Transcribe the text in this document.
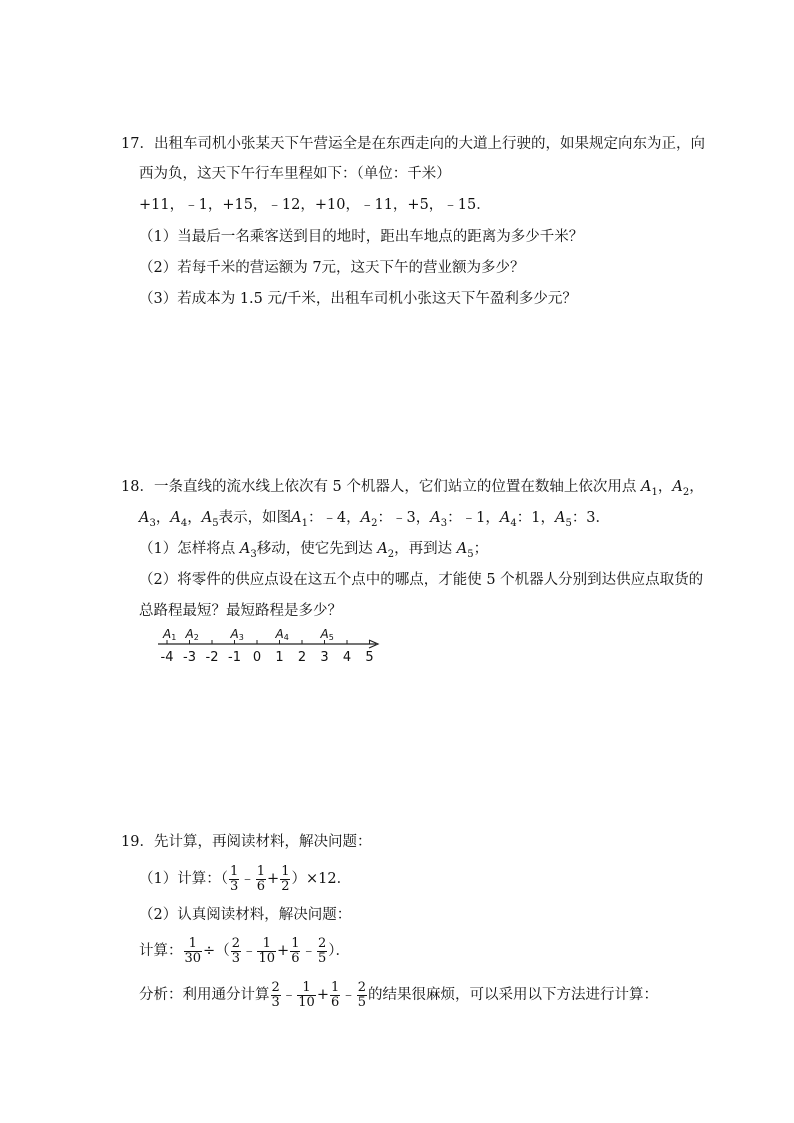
17．出租车司机小张某天下午营运全是在东西走向的大道上行驶的，如果规定向东为正，向
西为负，这天下午行车里程如下：（单位：千米）
+11，﹣1，+15，﹣12，+10，﹣11，+5，﹣15．
（1）当最后一名乘客送到目的地时，距出车地点的距离为多少千米？
（2）若每千米的营运额为 7元，这天下午的营业额为多少？
（3）若成本为 1.5 元/千米，出租车司机小张这天下午盈利多少元？
18．一条直线的流水线上依次有 5 个机器人，它们站立的位置在数轴上依次用点 $A_1$，$A_2$，
$A_3$，$A_4$，$A_5$表示，如图$A_1$：﹣4，$A_2$：﹣3，$A_3$：﹣1，$A_4$：1，$A_5$：3．
（1）怎样将点 $A_3$移动，使它先到达 $A_2$，再到达 $A_5$；
（2）将零件的供应点设在这五个点中的哪点，才能使 5 个机器人分别到达供应点取货的
总路程最短？最短路程是多少？
-4 -3 -2 -1 0 1 2 3 4 5
A1 A2	A3	A4	A5
19．先计算，再阅读材料，解决问题：
（1）计算：（ $\frac{1}{3}$ ﹣ $\frac{1}{6} + \frac{1}{2} )\times 12$．
（2）认真阅读材料，解决问题：
计算： $\frac{1}{30}$ ÷（ $\frac{2}{3}$ ﹣ $\frac{1}{10} + \frac{1}{6}$ ﹣ $\frac{2}{5}$ ）．
分析：利用通分计算 $\frac{2}{3}$ ﹣ $\frac{1}{10} + \frac{1}{6}$ ﹣ $\frac{2}{5}$ 的结果很麻烦，可以采用以下方法进行计算：
